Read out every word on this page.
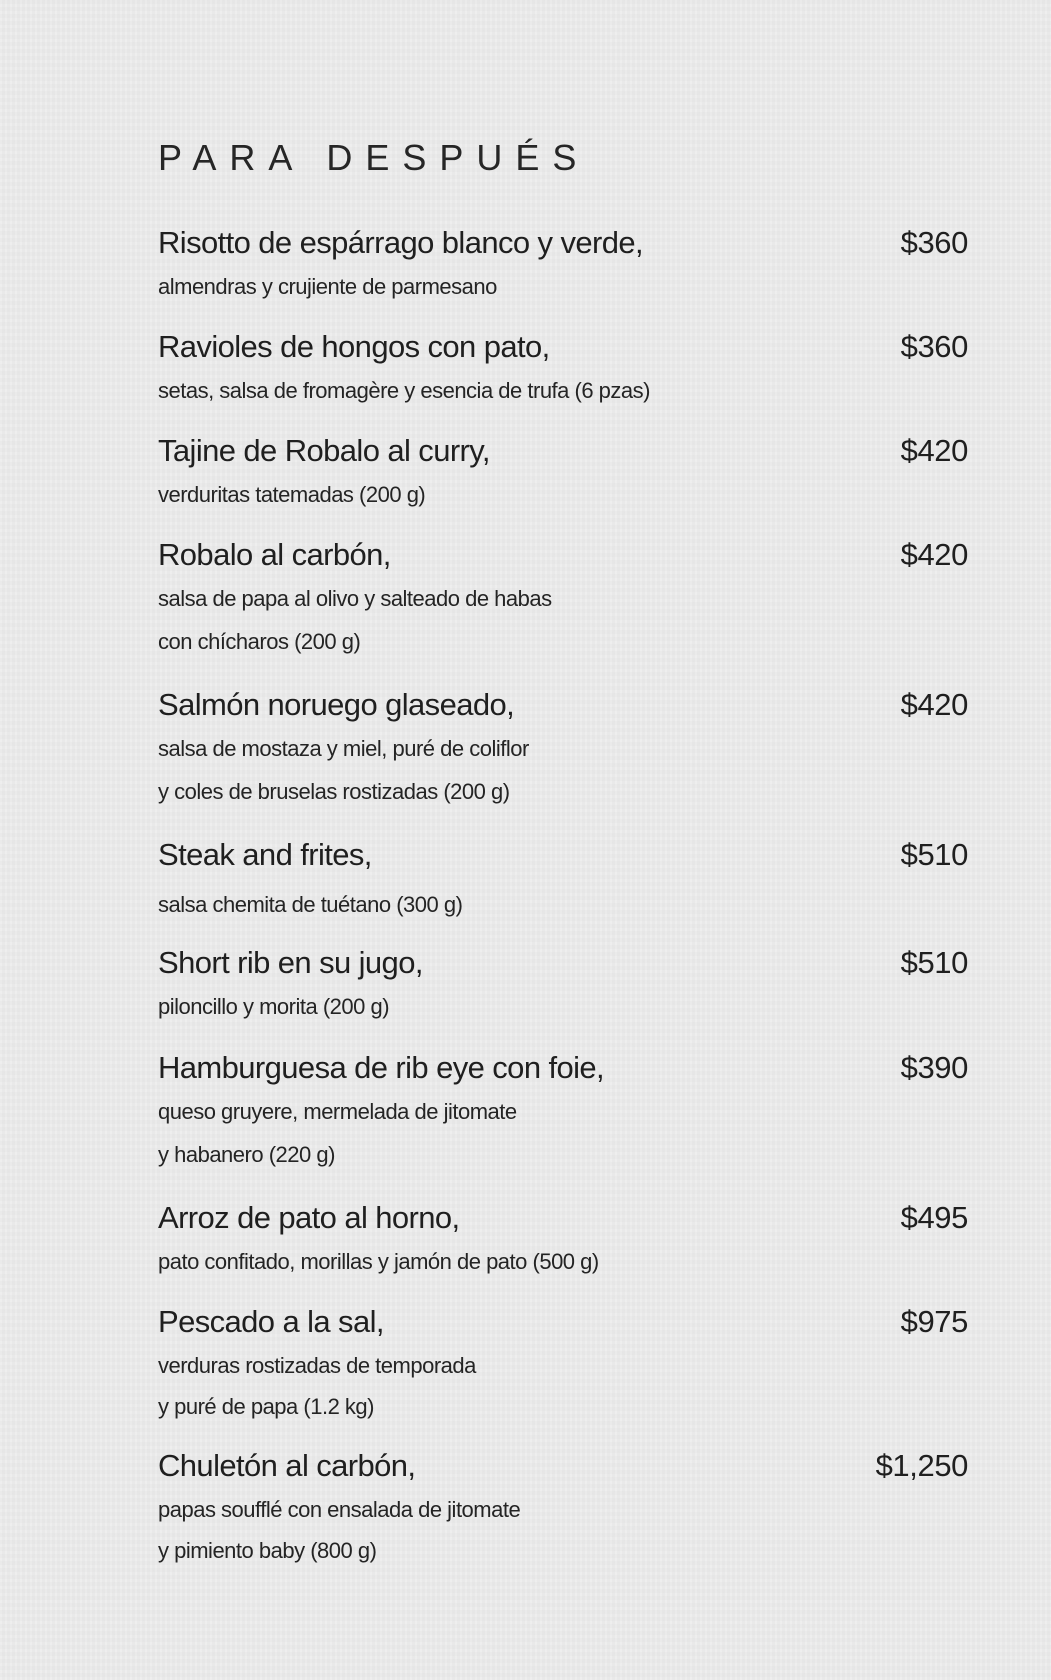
PARA DESPUÉS
Risotto de espárrago blanco y verde,	$360
almendras y crujiente de parmesano
Ravioles de hongos con pato,	$360
setas, salsa de fromagère y esencia de trufa (6 pzas)
Tajine de Robalo al curry,	$420
verduritas tatemadas (200 g)
Robalo al carbón,	$420
salsa de papa al olivo y salteado de habas
con chícharos (200 g)
Salmón noruego glaseado,	$420
salsa de mostaza y miel, puré de coliflor
y coles de bruselas rostizadas (200 g)
Steak and frites,	$510
salsa chemita de tuétano (300 g)
Short rib en su jugo,	$510
piloncillo y morita (200 g)
Hamburguesa de rib eye con foie,	$390
queso gruyere, mermelada de jitomate
y habanero (220 g)
Arroz de pato al horno,	$495
pato confitado, morillas y jamón de pato (500 g)
Pescado a la sal,	$975
verduras rostizadas de temporada
y puré de papa (1.2 kg)
Chuletón al carbón,	$1,250
papas soufflé con ensalada de jitomate
y pimiento baby (800 g)
